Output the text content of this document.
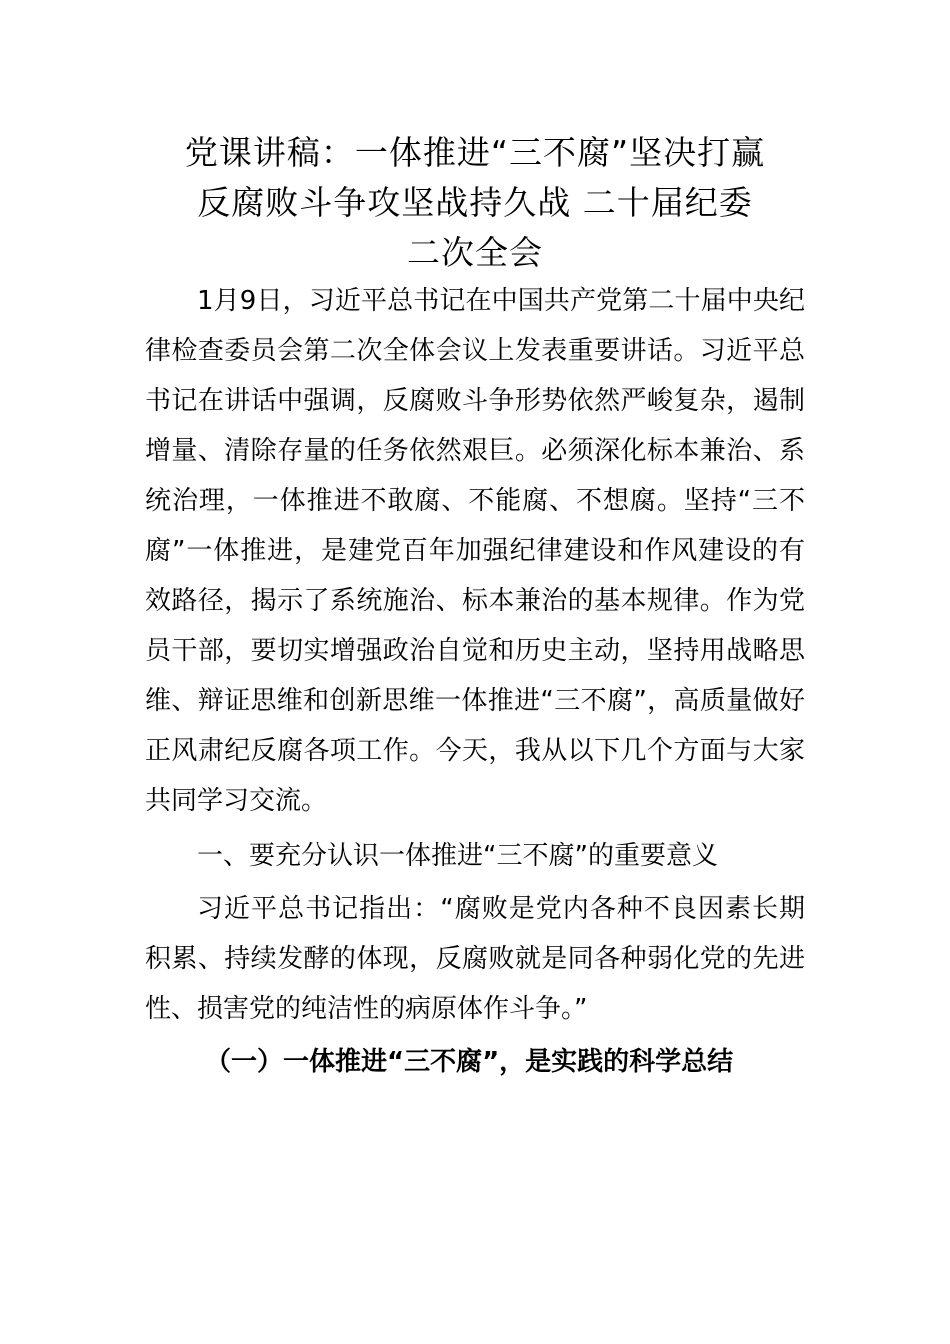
党课讲稿：一体推进“三不腐”坚决打赢
反腐败斗争攻坚战持久战 二十届纪委
二次全会

1月9日，习近平总书记在中国共产党第二十届中央纪律检查委员会第二次全体会议上发表重要讲话。习近平总书记在讲话中强调，反腐败斗争形势依然严峻复杂，遏制增量、清除存量的任务依然艰巨。必须深化标本兼治、系统治理，一体推进不敢腐、不能腐、不想腐。坚持“三不腐”一体推进，是建党百年加强纪律建设和作风建设的有效路径，揭示了系统施治、标本兼治的基本规律。作为党员干部，要切实增强政治自觉和历史主动，坚持用战略思维、辩证思维和创新思维一体推进“三不腐”，高质量做好正风肃纪反腐各项工作。今天，我从以下几个方面与大家共同学习交流。

一、要充分认识一体推进“三不腐”的重要意义

习近平总书记指出：“腐败是党内各种不良因素长期积累、持续发酵的体现，反腐败就是同各种弱化党的先进性、损害党的纯洁性的病原体作斗争。”

（一）一体推进“三不腐”，是实践的科学总结
